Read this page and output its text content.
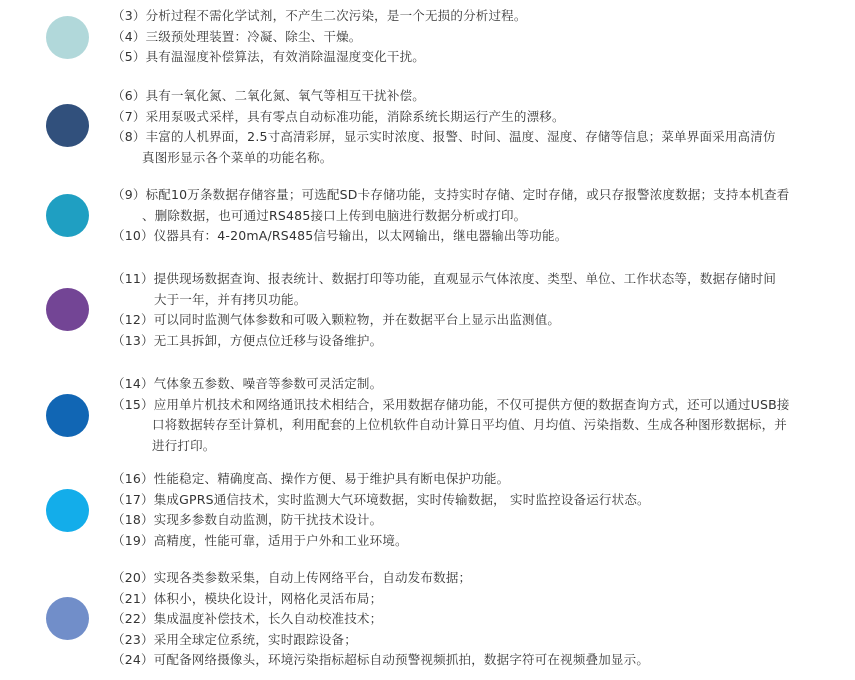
（3）分析过程不需化学试剂，不产生二次污染，是一个无损的分析过程。
（4）三级预处理装置：冷凝、除尘、干燥。
（5）具有温湿度补偿算法，有效消除温湿度变化干扰。
（6）具有一氧化氮、二氧化氮、氧气等相互干扰补偿。
（7）采用泵吸式采样，具有零点自动标准功能，消除系统长期运行产生的漂移。
（8）丰富的人机界面，2.5寸高清彩屏，显示实时浓度、报警、时间、温度、湿度、存储等信息；菜单界面采用高清仿
真图形显示各个菜单的功能名称。
（9）标配10万条数据存储容量；可选配SD卡存储功能，支持实时存储、定时存储，或只存报警浓度数据；支持本机查看
、删除数据，也可通过RS485接口上传到电脑进行数据分析或打印。
（10）仪器具有：4-20mA/RS485信号输出，以太网输出，继电器输出等功能。
（11）提供现场数据查询、报表统计、数据打印等功能，直观显示气体浓度、类型、单位、工作状态等，数据存储时间
大于一年，并有拷贝功能。
（12）可以同时监测气体参数和可吸入颗粒物，并在数据平台上显示出监测值。
（13）无工具拆卸，方便点位迁移与设备维护。
（14）气体象五参数、噪音等参数可灵活定制。
（15）应用单片机技术和网络通讯技术相结合，采用数据存储功能，不仅可提供方便的数据查询方式，还可以通过USB接
口将数据转存至计算机，利用配套的上位机软件自动计算日平均值、月均值、污染指数、生成各种图形数据标，并
进行打印。
（16）性能稳定、精确度高、操作方便、易于维护具有断电保护功能。
（17）集成GPRS通信技术，实时监测大气环境数据，实时传输数据， 实时监控设备运行状态。
（18）实现多参数自动监测，防干扰技术设计。
（19）高精度，性能可靠，适用于户外和工业环境。
（20）实现各类参数采集，自动上传网络平台，自动发布数据；
（21）体积小，模块化设计，网格化灵活布局；
（22）集成温度补偿技术，长久自动校准技术；
（23）采用全球定位系统，实时跟踪设备；
（24）可配备网络摄像头，环境污染指标超标自动预警视频抓拍，数据字符可在视频叠加显示。
